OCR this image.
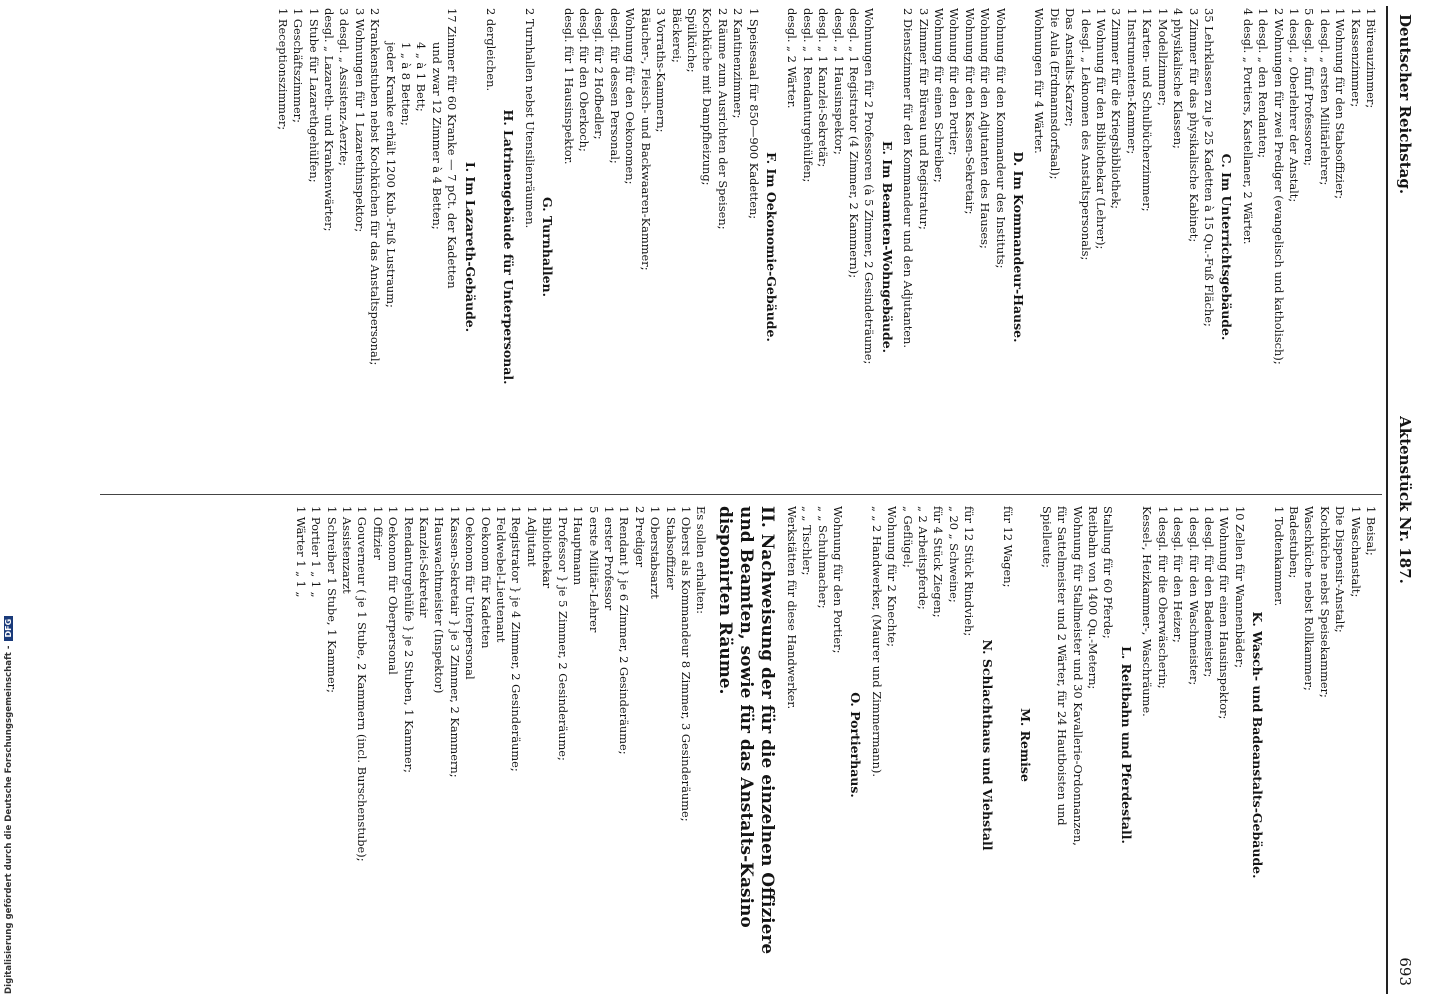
Deutscher Reichstag.
Aktenstück Nr. 187.
693
1 Büreauzimmer;
1 Kassenzimmer;
1 Wohnung für den Stabsoffizier;
1 desgl. „ ersten Militärlehrer;
5 desgl. „ fünf Professoren;
1 desgl. „ Oberlehrer der Anstalt;
2 Wohnungen für zwei Prediger (evangelisch und katholisch);
1 desgl. „ den Rendanten;
4 desgl. „ Portiers, Kastellaner, 2 Wärter.
C. Im Unterrichtsgebäude.
35 Lehrklassen zu je 25 Kadetten à 15 Qu.-Fuß Fläche;
3 Zimmer für das physikalische Kabinet;
4 physikalische Klassen;
1 Modellzimmer;
1 Karten- und Schulbücherzimmer;
1 Instrumenten-Kammer;
3 Zimmer für die Kriegsbibliothek;
1 Wohnung für den Bibliothekar (Lehrer);
1 desgl. „ Leknomen des Anstaltspersonals;
Das Anstalts-Karzer;
Die Aula (Erdmannsdorfsaal);
Wohnungen für 4 Wärter.
D. Im Kommandeur-Hause.
Wohnung für den Kommandeur des Instituts;
Wohnung für den Adjutanten des Hauses;
Wohnung für den Kassen-Sekretair;
Wohnung für den Portier;
Wohnung für einen Schreiber;
3 Zimmer für Büreau und Registratur;
2 Dienstzimmer für den Kommandeur und den Adjutanten.
E. Im Beamten-Wohngebäude.
Wohnungen für 2 Professoren (à 5 Zimmer, 2 Gesindeträume;
desgl. „ 1 Registrator (4 Zimmer, 2 Kammern);
desgl. „ 1 Hausinspektor;
desgl. „ 1 Kanzlei-Sekretär;
desgl. „ 1 Rendanturgehülfen;
desgl. „ 2 Wärter.
F. Im Oekonomie-Gebäude.
1 Speisesaal für 850—900 Kadetten;
2 Kantinenzimmer;
2 Räume zum Ausrichten der Speisen;
Kochküche mit Dampfheizung;
Spülküche;
Bäckerei;
3 Vorraths-Kammern;
Räucher-, Fleisch- und Backwaaren-Kammer;
Wohnung für den Oekonomen;
desgl. für dessen Personal;
desgl. für 2 Hofbedler;
desgl. für den Oberkoch;
desgl. für 1 Hausinspektor.
G. Turnhallen.
2 Turnhallen nebst Utensilienräumen.
H. Latrinengebäude für Unterpersonal.
2 dergleichen.
I. Im Lazareth-Gebäude.
17 Zimmer für 60 Kranke — 7 pCt. der Kadetten
und zwar 12 Zimmer à 4 Betten;
4 „ à 1 Bett;
1 „ à 8 Betten;
jeder Kranke erhält 1200 Kub.-Fuß Lustraum;
2 Krankenstuben nebst Kochküchen für das Anstaltspersonal;
3 Wohnungen für 1 Lazarethinspektor;
3 desgl. „ Assistenz-Aerzte;
desgl. „ Lazareth- und Krankenwärter;
1 Stube für Lazarethgehülfen;
1 Geschäftszimmer;
1 Receptionszimmer;
1 Beisal;
1 Waschanstalt;
Die Dispensir-Anstalt;
Kochküche nebst Speisekammer;
Waschküche nebst Rollkammer;
Badestuben;
1 Todtenkammer.
K. Wasch- und Badeanstalts-Gebäude.
10 Zellen für Wannenbäder;
1 Wohnung für einen Hausinspektor;
1 desgl. für den Bademeister;
1 desgl. für den Waschmeister;
1 desgl. für den Heizer;
1 desgl. für die Oberwäscherin;
Kessel-, Heizkammer-, Waschräume.
L. Reitbahn und Pferdestall.
Stallung für 60 Pferde;
Reitbahn von 1400 Qu.-Metern;
Wohnung für Stallmeister und 30 Kavallerie-Ordonnanzen,
für Sattelmeister und 2 Wärter, für 24 Hautboisten und
Spielleute;
M. Remise
für 12 Wagen;
N. Schlachthaus und Viehstall
für 12 Stück Rindvieh;
„ 20 „ Schweine;
für 4 Stück Ziegen;
„ 2 Arbeitspferde;
„ Geflügel;
Wohnung für 2 Knechte;
„ „ 2 Handwerker, (Maurer und Zimmermann).
O. Portierhaus.
Wohnung für den Portier;
„ „ Schuhmacher;
„ „ Tischler;
Werkstätten für diese Handwerker.
II. Nachweisung der für die einzelnen Offiziere
und Beamten, sowie für das Anstalts-Kasino
disponirten Räume.
Es sollen erhalten:
1 Oberst als Kommandeur 8 Zimmer, 3 Gesinderäume;
1 Stabsoffizier
1 Oberstabsarzt
2 Prediger
1 Rendant } je 6 Zimmer, 2 Gesinderäume;
1 erster Professor
5 erste Militär-Lehrer
1 Hauptmann
1 Professor } je 5 Zimmer, 2 Gesinderäume;
1 Bibliothekar
1 Adjutant
1 Registrator } je 4 Zimmer, 2 Gesinderäume;
1 Feldwebel-Lieutenant
1 Oekonom für Kadetten
1 Oekonom für Unterpersonal
1 Kassen-Sekretair } je 3 Zimmer, 2 Kammern;
1 Hauswachtmeister (Inspektor)
1 Kanzlei-Sekretair
1 Rendanturgehülfe } je 2 Stuben, 1 Kammer;
1 Oekonom für Oberpersonal
1 Offizier
1 Gouverneur ( je 1 Stube, 2 Kammern (incl. Burschenstube);
1 Assistenzarzt
1 Schreiber 1 Stube, 1 Kammer;
1 Portier 1 „ 1 „
1 Wärter 1 „ 1 „
Digitalisierung gefördert durch die Deutsche Forschungsgemeinschaft -DFG
